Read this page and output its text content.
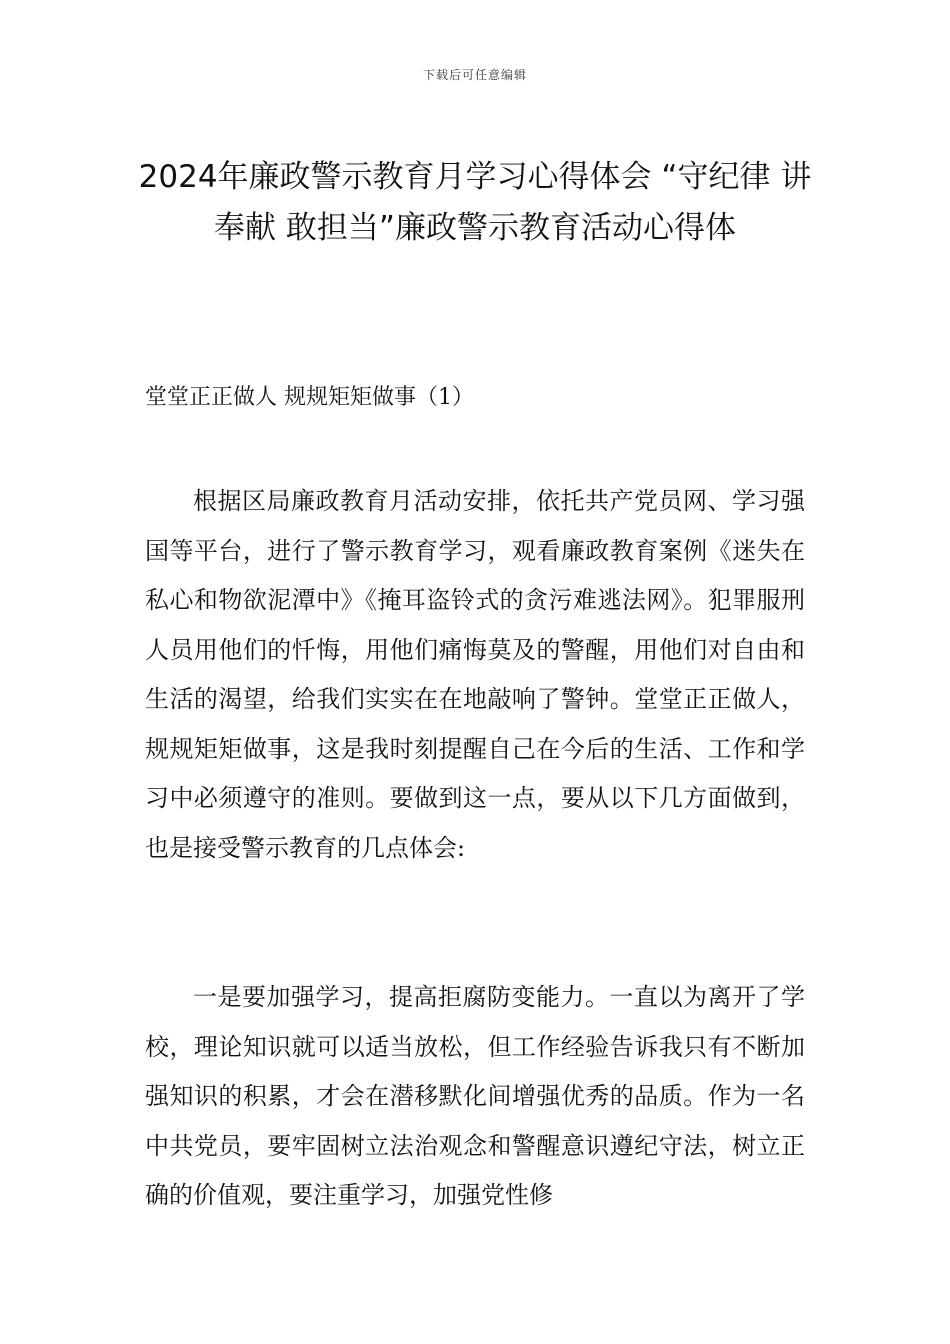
下载后可任意编辑
2024年廉政警示教育月学习心得体会 “守纪律 讲奉献 敢担当”廉政警示教育活动心得体

堂堂正正做人 规规矩矩做事（1）

根据区局廉政教育月活动安排，依托共产党员网、学习强国等平台，进行了警示教育学习，观看廉政教育案例《迷失在私心和物欲泥潭中》《掩耳盗铃式的贪污难逃法网》。犯罪服刑人员用他们的忏悔，用他们痛悔莫及的警醒，用他们对自由和生活的渴望，给我们实实在在地敲响了警钟。堂堂正正做人，规规矩矩做事，这是我时刻提醒自己在今后的生活、工作和学习中必须遵守的准则。要做到这一点，要从以下几方面做到，也是接受警示教育的几点体会:

一是要加强学习，提高拒腐防变能力。一直以为离开了学校，理论知识就可以适当放松，但工作经验告诉我只有不断加强知识的积累，才会在潜移默化间增强优秀的品质。作为一名中共党员，要牢固树立法治观念和警醒意识遵纪守法，树立正确的价值观，要注重学习，加强党性修
